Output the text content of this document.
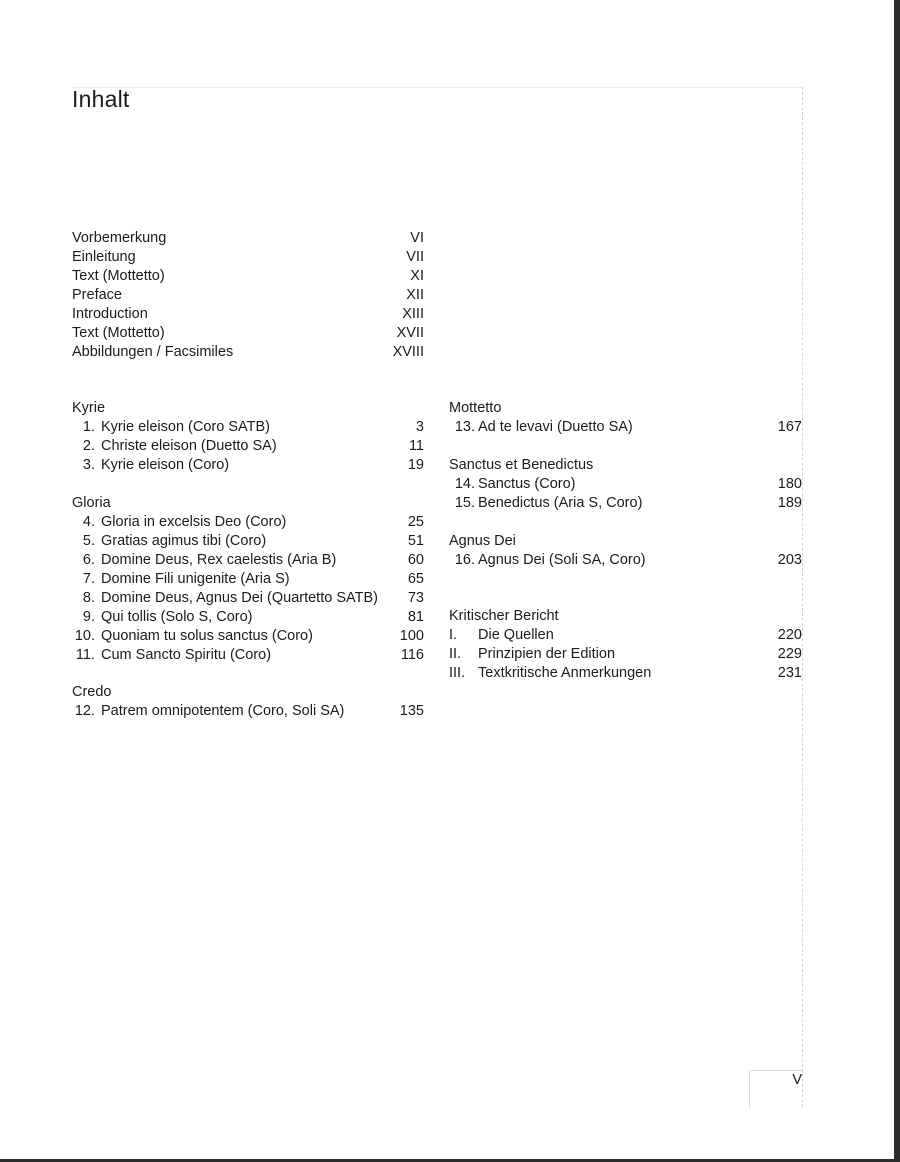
Inhalt
Vorbemerkung	VI
Einleitung	VII
Text (Mottetto)	XI
Preface	XII
Introduction	XIII
Text (Mottetto)	XVII
Abbildungen / Facsimiles	XVIII
Kyrie
1. Kyrie eleison (Coro SATB)	3
2. Christe eleison (Duetto SA)	11
3. Kyrie eleison (Coro)	19
Gloria
4. Gloria in excelsis Deo (Coro)	25
5. Gratias agimus tibi (Coro)	51
6. Domine Deus, Rex caelestis (Aria B)	60
7. Domine Fili unigenite (Aria S)	65
8. Domine Deus, Agnus Dei (Quartetto SATB) 73
9. Qui tollis (Solo S, Coro)	81
10. Quoniam tu solus sanctus (Coro)	100
11. Cum Sancto Spiritu (Coro)	116
Credo
12. Patrem omnipotentem (Coro, Soli SA)	135
Mottetto
13. Ad te levavi (Duetto SA)	167
Sanctus et Benedictus
14. Sanctus (Coro)	180
15. Benedictus (Aria S, Coro)	189
Agnus Dei
16. Agnus Dei (Soli SA, Coro)	203
Kritischer Bericht
I.	Die Quellen	220
II.	Prinzipien der Edition	229
III. Textkritische Anmerkungen	231
V
